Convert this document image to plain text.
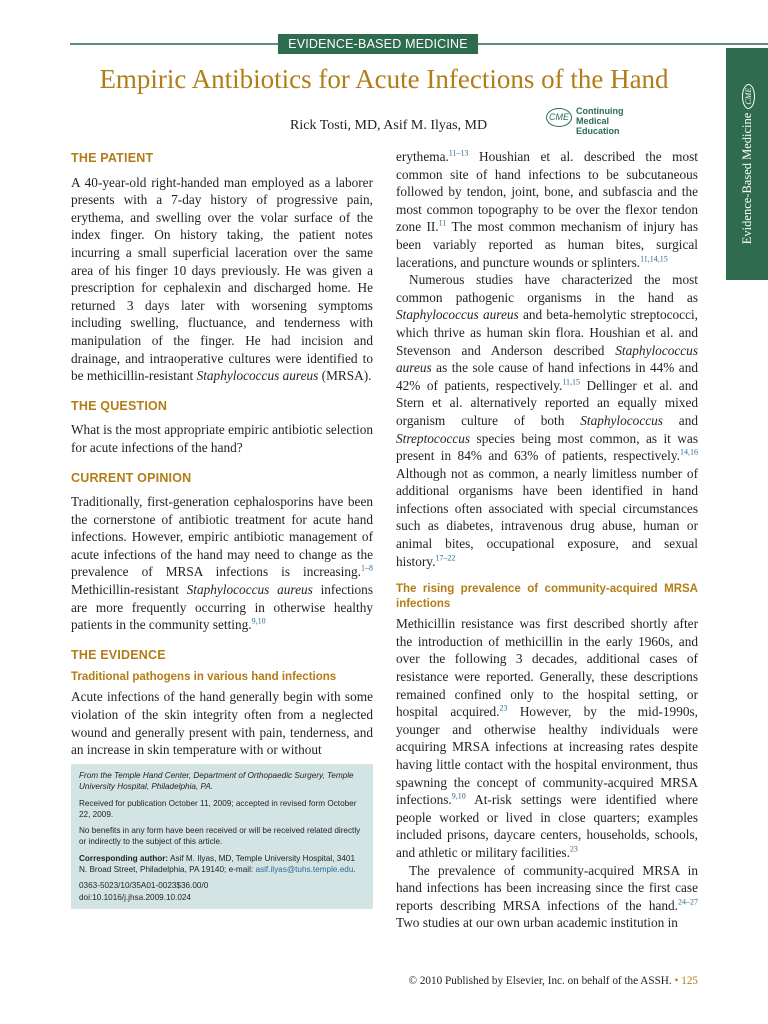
EVIDENCE-BASED MEDICINE
Empiric Antibiotics for Acute Infections of the Hand
Rick Tosti, MD, Asif M. Ilyas, MD
CME
Continuing Medical
Education	Evidence-Based MedicineCME
THE PATIENT

A 40-year-old right-handed man employed as a laborer presents with a 7-day history of progressive pain, erythema, and swelling over the volar surface of the index finger. On history taking, the patient notes incurring a small superficial laceration over the same area of his finger 10 days previously. He was given a prescription for cephalexin and discharged home. He returned 3 days later with worsening symptoms including swelling, fluctuance, and tenderness with manipulation of the finger. He had incision and drainage, and intraoperative cultures were identified to be methicillin-resistant Staphylococcus aureus (MRSA).

THE QUESTION

What is the most appropriate empiric antibiotic selection for acute infections of the hand?

CURRENT OPINION

Traditionally, first-generation cephalosporins have been the cornerstone of antibiotic treatment for acute hand infections. However, empiric antibiotic management of acute infections of the hand may need to change as the prevalence of MRSA infections is increasing.$^{1-8}$ Methicillin-resistant Staphylococcus aureus infections are more frequently occurring in otherwise healthy patients in the community setting.$^{9,10}$

THE EVIDENCE
Traditional pathogens in various hand infections

Acute infections of the hand generally begin with some violation of the skin integrity often from a neglected wound and generally present with pain, tenderness, and an increase in skin temperature with or without

From the Temple Hand Center, Department of Orthopaedic Surgery, Temple University Hospital, Philadelphia, PA.

Received for publication October 11, 2009; accepted in revised form October 22, 2009.

No benefits in any form have been received or will be received related directly or indirectly to the subject of this article.

Corresponding author: Asif M. Ilyas, MD, Temple University Hospital, 3401 N. Broad Street, Philadelphia, PA 19140; e-mail: asif.ilyas@tuhs.temple.edu.

0363-5023/10/35A01-0023$36.00/0
doi:10.1016/j.jhsa.2009.10.024

erythema.$^{11-13}$ Houshian et al. described the most common site of hand infections to be subcutaneous followed by tendon, joint, bone, and subfascia and the most common topography to be over the flexor tendon zone II.$^{11}$ The most common mechanism of injury has been variably reported as human bites, surgical lacerations, and puncture wounds or splinters.$^{11,14,15}$

Numerous studies have characterized the most common pathogenic organisms in the hand as Staphylococcus aureus and beta-hemolytic streptococci, which thrive as human skin flora. Houshian et al. and Stevenson and Anderson described Staphylococcus aureus as the sole cause of hand infections in 44% and 42% of patients, respectively.$^{11,15}$ Dellinger et al. and Stern et al. alternatively reported an equally mixed organism culture of both Staphylococcus and Streptococcus species being most common, as it was present in 84% and 63% of patients, respectively.$^{14,16}$ Although not as common, a nearly limitless number of additional organisms have been identified in hand infections often associated with special circumstances such as diabetes, intravenous drug abuse, human or animal bites, occupational exposure, and sexual history.$^{17-22}$

The rising prevalence of community-acquired MRSA infections

Methicillin resistance was first described shortly after the introduction of methicillin in the early 1960s, and over the following 3 decades, additional cases of resistance were reported. Generally, these descriptions remained confined only to the hospital setting, or hospital acquired.$^{23}$ However, by the mid-1990s, younger and otherwise healthy individuals were acquiring MRSA infections at increasing rates despite having little contact with the hospital environment, thus spawning the concept of community-acquired MRSA infections.$^{9,10}$ At-risk settings were identified where people worked or lived in close quarters; examples included prisons, daycare centers, households, schools, and athletic or military facilities.$^{23}$

The prevalence of community-acquired MRSA in hand infections has been increasing since the first case reports describing MRSA infections of the hand.$^{24-27}$ Two studies at our own urban academic institution in

© 2010 Published by Elsevier, Inc. on behalf of the ASSH. • 125
